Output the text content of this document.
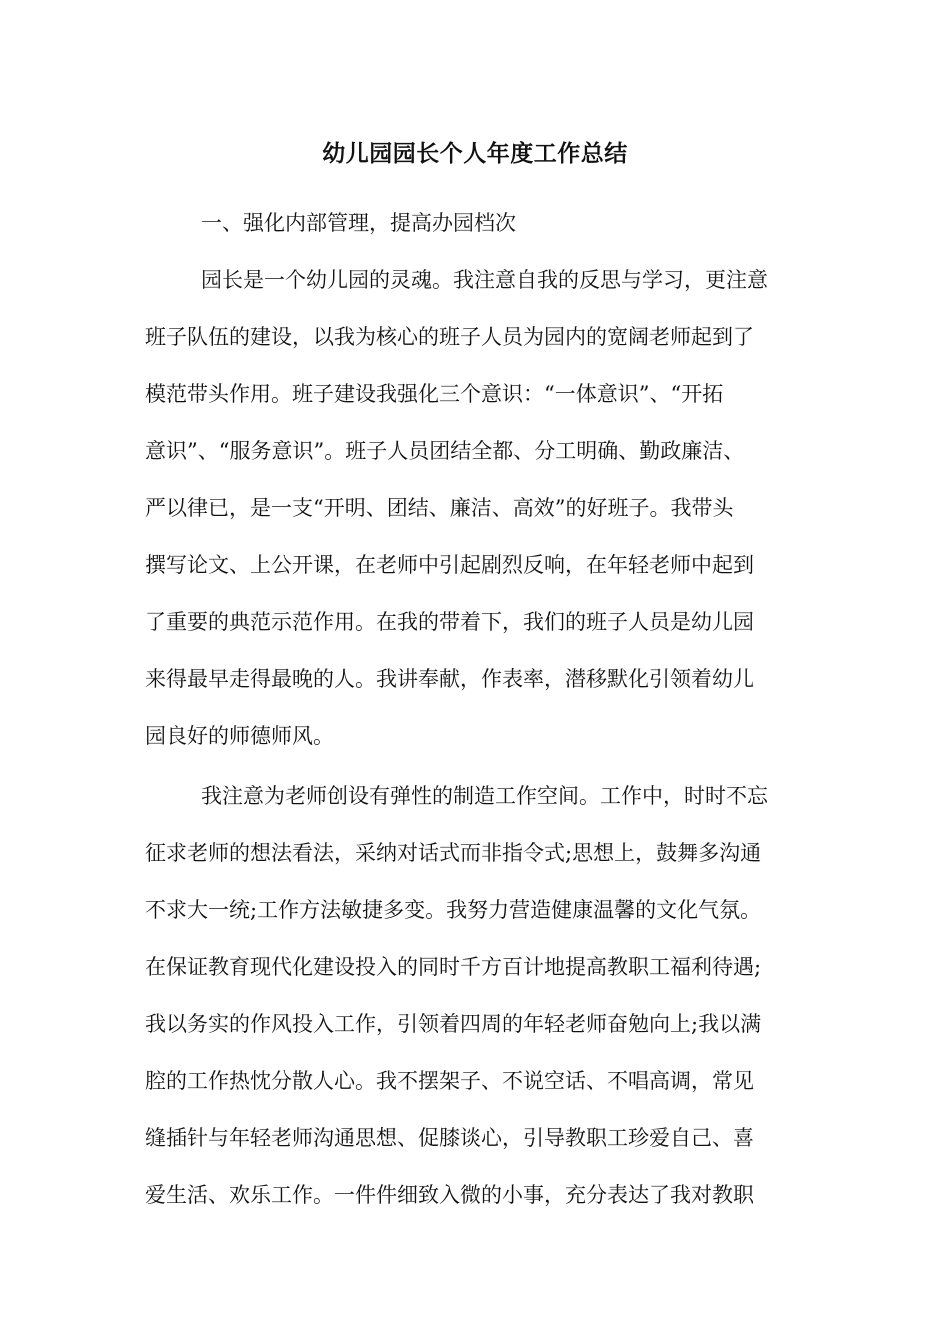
幼儿园园长个人年度工作总结
一、强化内部管理，提高办园档次
园长是一个幼儿园的灵魂。我注意自我的反思与学习，更注意
班子队伍的建设，以我为核心的班子人员为园内的宽阔老师起到了
模范带头作用。班子建设我强化三个意识：“一体意识”、“开拓
意识”、“服务意识”。班子人员团结全都、分工明确、勤政廉洁、
严以律已，是一支“开明、团结、廉洁、高效”的好班子。我带头
撰写论文、上公开课，在老师中引起剧烈反响，在年轻老师中起到
了重要的典范示范作用。在我的带着下，我们的班子人员是幼儿园
来得最早走得最晚的人。我讲奉献，作表率，潜移默化引领着幼儿
园良好的师德师风。
我注意为老师创设有弹性的制造工作空间。工作中，时时不忘
征求老师的想法看法，采纳对话式而非指令式;思想上，鼓舞多沟通
不求大一统;工作方法敏捷多变。我努力营造健康温馨的文化气氛。
在保证教育现代化建设投入的同时千方百计地提高教职工福利待遇;
我以务实的作风投入工作，引领着四周的年轻老师奋勉向上;我以满
腔的工作热忱分散人心。我不摆架子、不说空话、不唱高调，常见
缝插针与年轻老师沟通思想、促膝谈心，引导教职工珍爱自己、喜
爱生活、欢乐工作。一件件细致入微的小事，充分表达了我对教职
